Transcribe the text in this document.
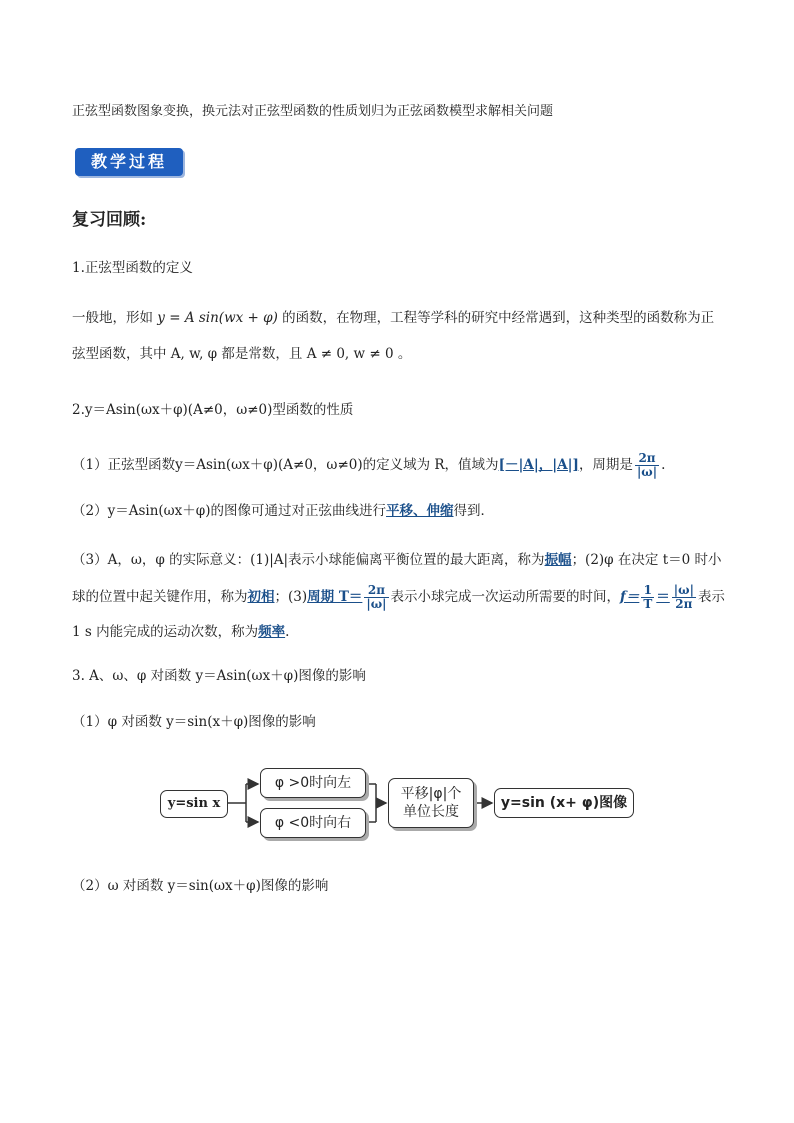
正弦型函数图象变换，换元法对正弦型函数的性质划归为正弦函数模型求解相关问题
教学过程
复习回顾:
1.正弦型函数的定义
一般地，形如 y = A sin(wx + φ) 的函数，在物理，工程等学科的研究中经常遇到，这种类型的函数称为正
弦型函数，其中 A, w, φ 都是常数，且 A ≠ 0, w ≠ 0 。
2.y＝Asin(ωx＋φ)(A≠0，ω≠0)型函数的性质
（1）正弦型函数y＝Asin(ωx＋φ)(A≠0，ω≠0)的定义域为 R，值域为[－|A|，|A|]，周期是 $\frac{2\pi}{|\omega|}$ .
（2）y＝Asin(ωx＋φ)的图像可通过对正弦曲线进行平移、伸缩得到．
（3）A，ω，φ 的实际意义：(1)|A|表示小球能偏离平衡位置的最大距离，称为振幅；(2)φ 在决定 t＝0 时小
球的位置中起关键作用，称为初相；(3)周期 $T= \frac{2\pi}{|\omega|}$ 表示小球完成一次运动所需要的时间，$f= \frac{1}{T} = \frac{|\omega|}{2\pi}$ 表示
1 s 内能完成的运动次数，称为频率.
3. A、ω、φ 对函数 y＝Asin(ωx＋φ)图像的影响
（1）φ 对函数 y＝sin(x＋φ)图像的影响
y=sin x
φ >0时向左
φ <0时向右
平移|φ|个
单位长度
y=sin (x+ φ)图像
（2）ω 对函数 y＝sin(ωx＋φ)图像的影响
